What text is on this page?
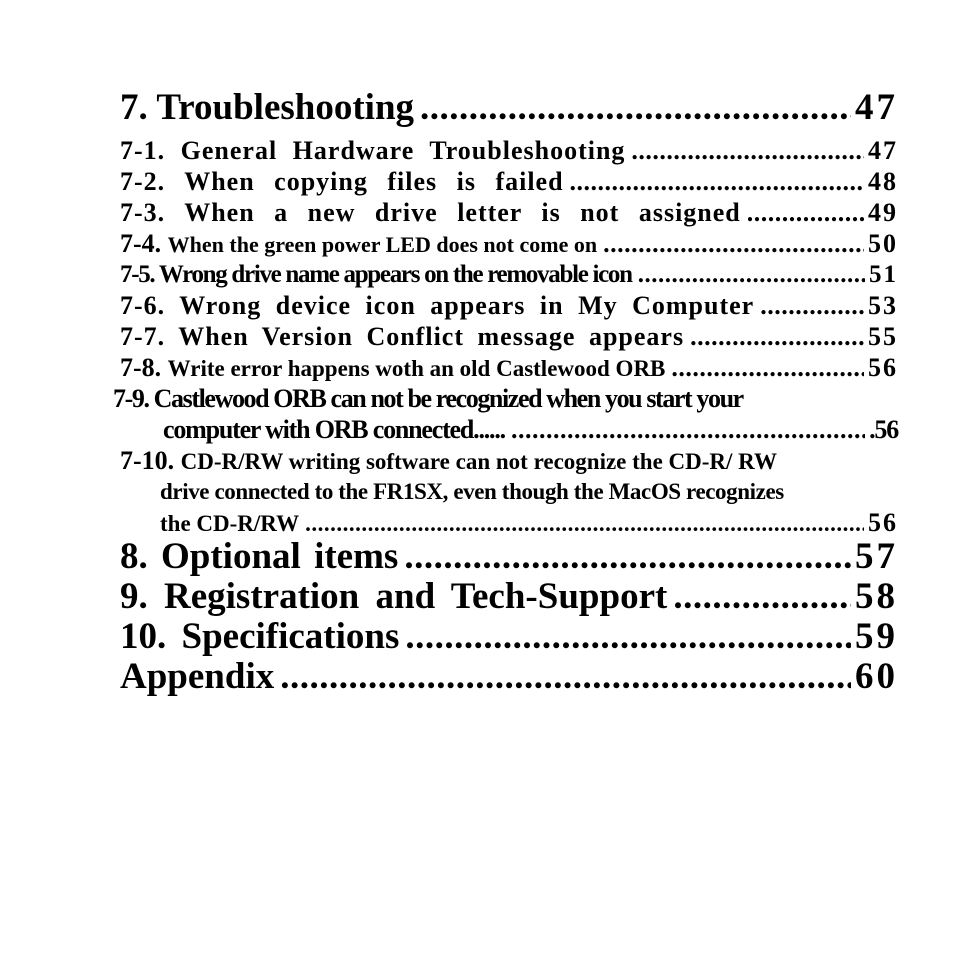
7. Troubleshooting .....	47
7-1. General Hardware Troubleshooting .....	47
7-2. When copying files is failed .....	48
7-3. When a new drive letter is not assigned .....	49
7-4. When the green power LED does not come on .....	50
7-5. Wrong drive name appears on the removable icon .....	51
7-6. Wrong device icon appears in My Computer .....	53
7-7. When Version Conflict message appears .....	55
7-8. Write error happens woth an old Castlewood ORB .....	56
7-9. Castlewood ORB can not be recognized when you start your
computer with ORB connected...... .....	.56
7-10. CD-R/RW writing software can not recognize the CD-R/ RW
drive connected to the FR1SX, even though the MacOS recognizes
the CD-R/RW .....	56
8. Optional items .....	57
9. Registration and Tech-Support .....	58
10. Specifications .....	59
Appendix .....	60
